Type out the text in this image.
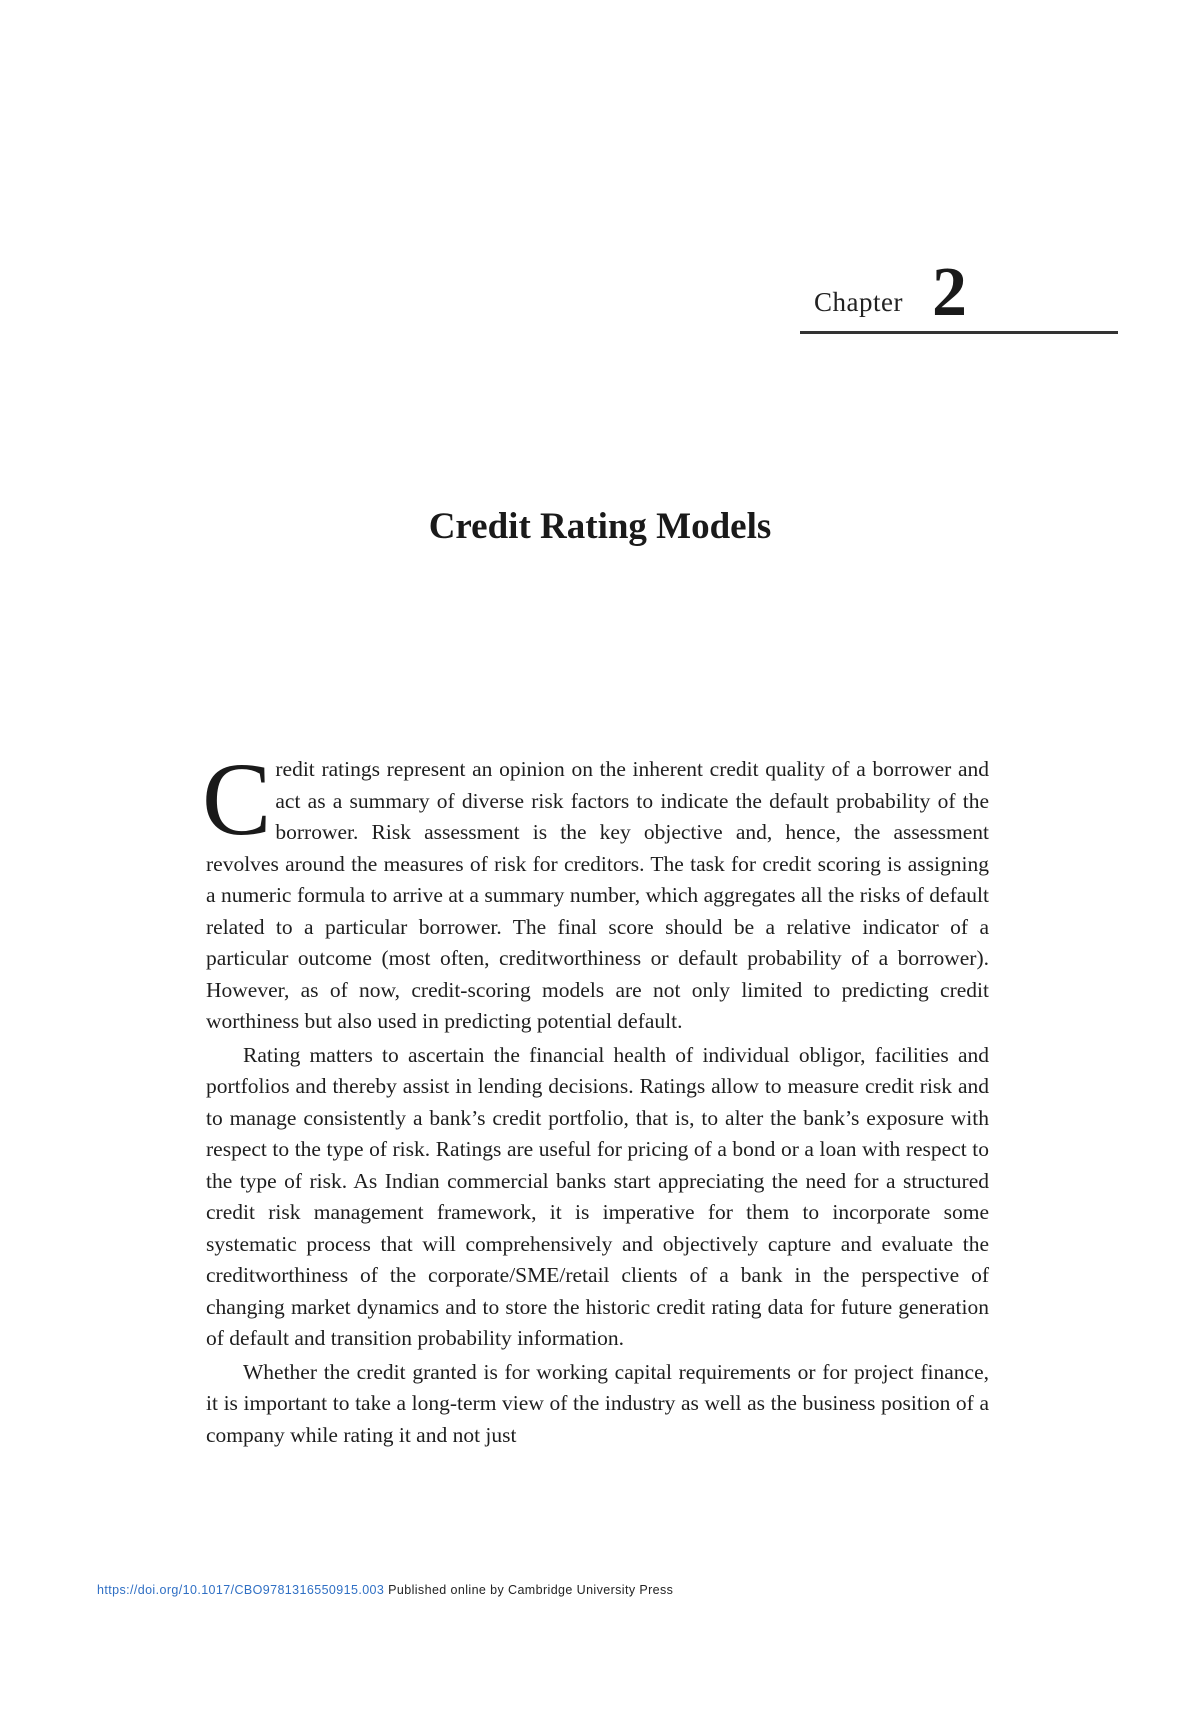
Chapter 2
Credit Rating Models

Credit ratings represent an opinion on the inherent credit quality of a borrower and act as a summary of diverse risk factors to indicate the default probability of the borrower. Risk assessment is the key objective and, hence, the assessment revolves around the measures of risk for creditors. The task for credit scoring is assigning a numeric formula to arrive at a summary number, which aggregates all the risks of default related to a particular borrower. The final score should be a relative indicator of a particular outcome (most often, creditworthiness or default probability of a borrower). However, as of now, credit-scoring models are not only limited to predicting credit worthiness but also used in predicting potential default.

Rating matters to ascertain the financial health of individual obligor, facilities and portfolios and thereby assist in lending decisions. Ratings allow to measure credit risk and to manage consistently a bank’s credit portfolio, that is, to alter the bank’s exposure with respect to the type of risk. Ratings are useful for pricing of a bond or a loan with respect to the type of risk. As Indian commercial banks start appreciating the need for a structured credit risk management framework, it is imperative for them to incorporate some systematic process that will comprehensively and objectively capture and evaluate the creditworthiness of the corporate/SME/retail clients of a bank in the perspective of changing market dynamics and to store the historic credit rating data for future generation of default and transition probability information.

Whether the credit granted is for working capital requirements or for project finance, it is important to take a long-term view of the industry as well as the business position of a company while rating it and not just

https://doi.org/10.1017/CBO9781316550915.003 Published online by Cambridge University Press
